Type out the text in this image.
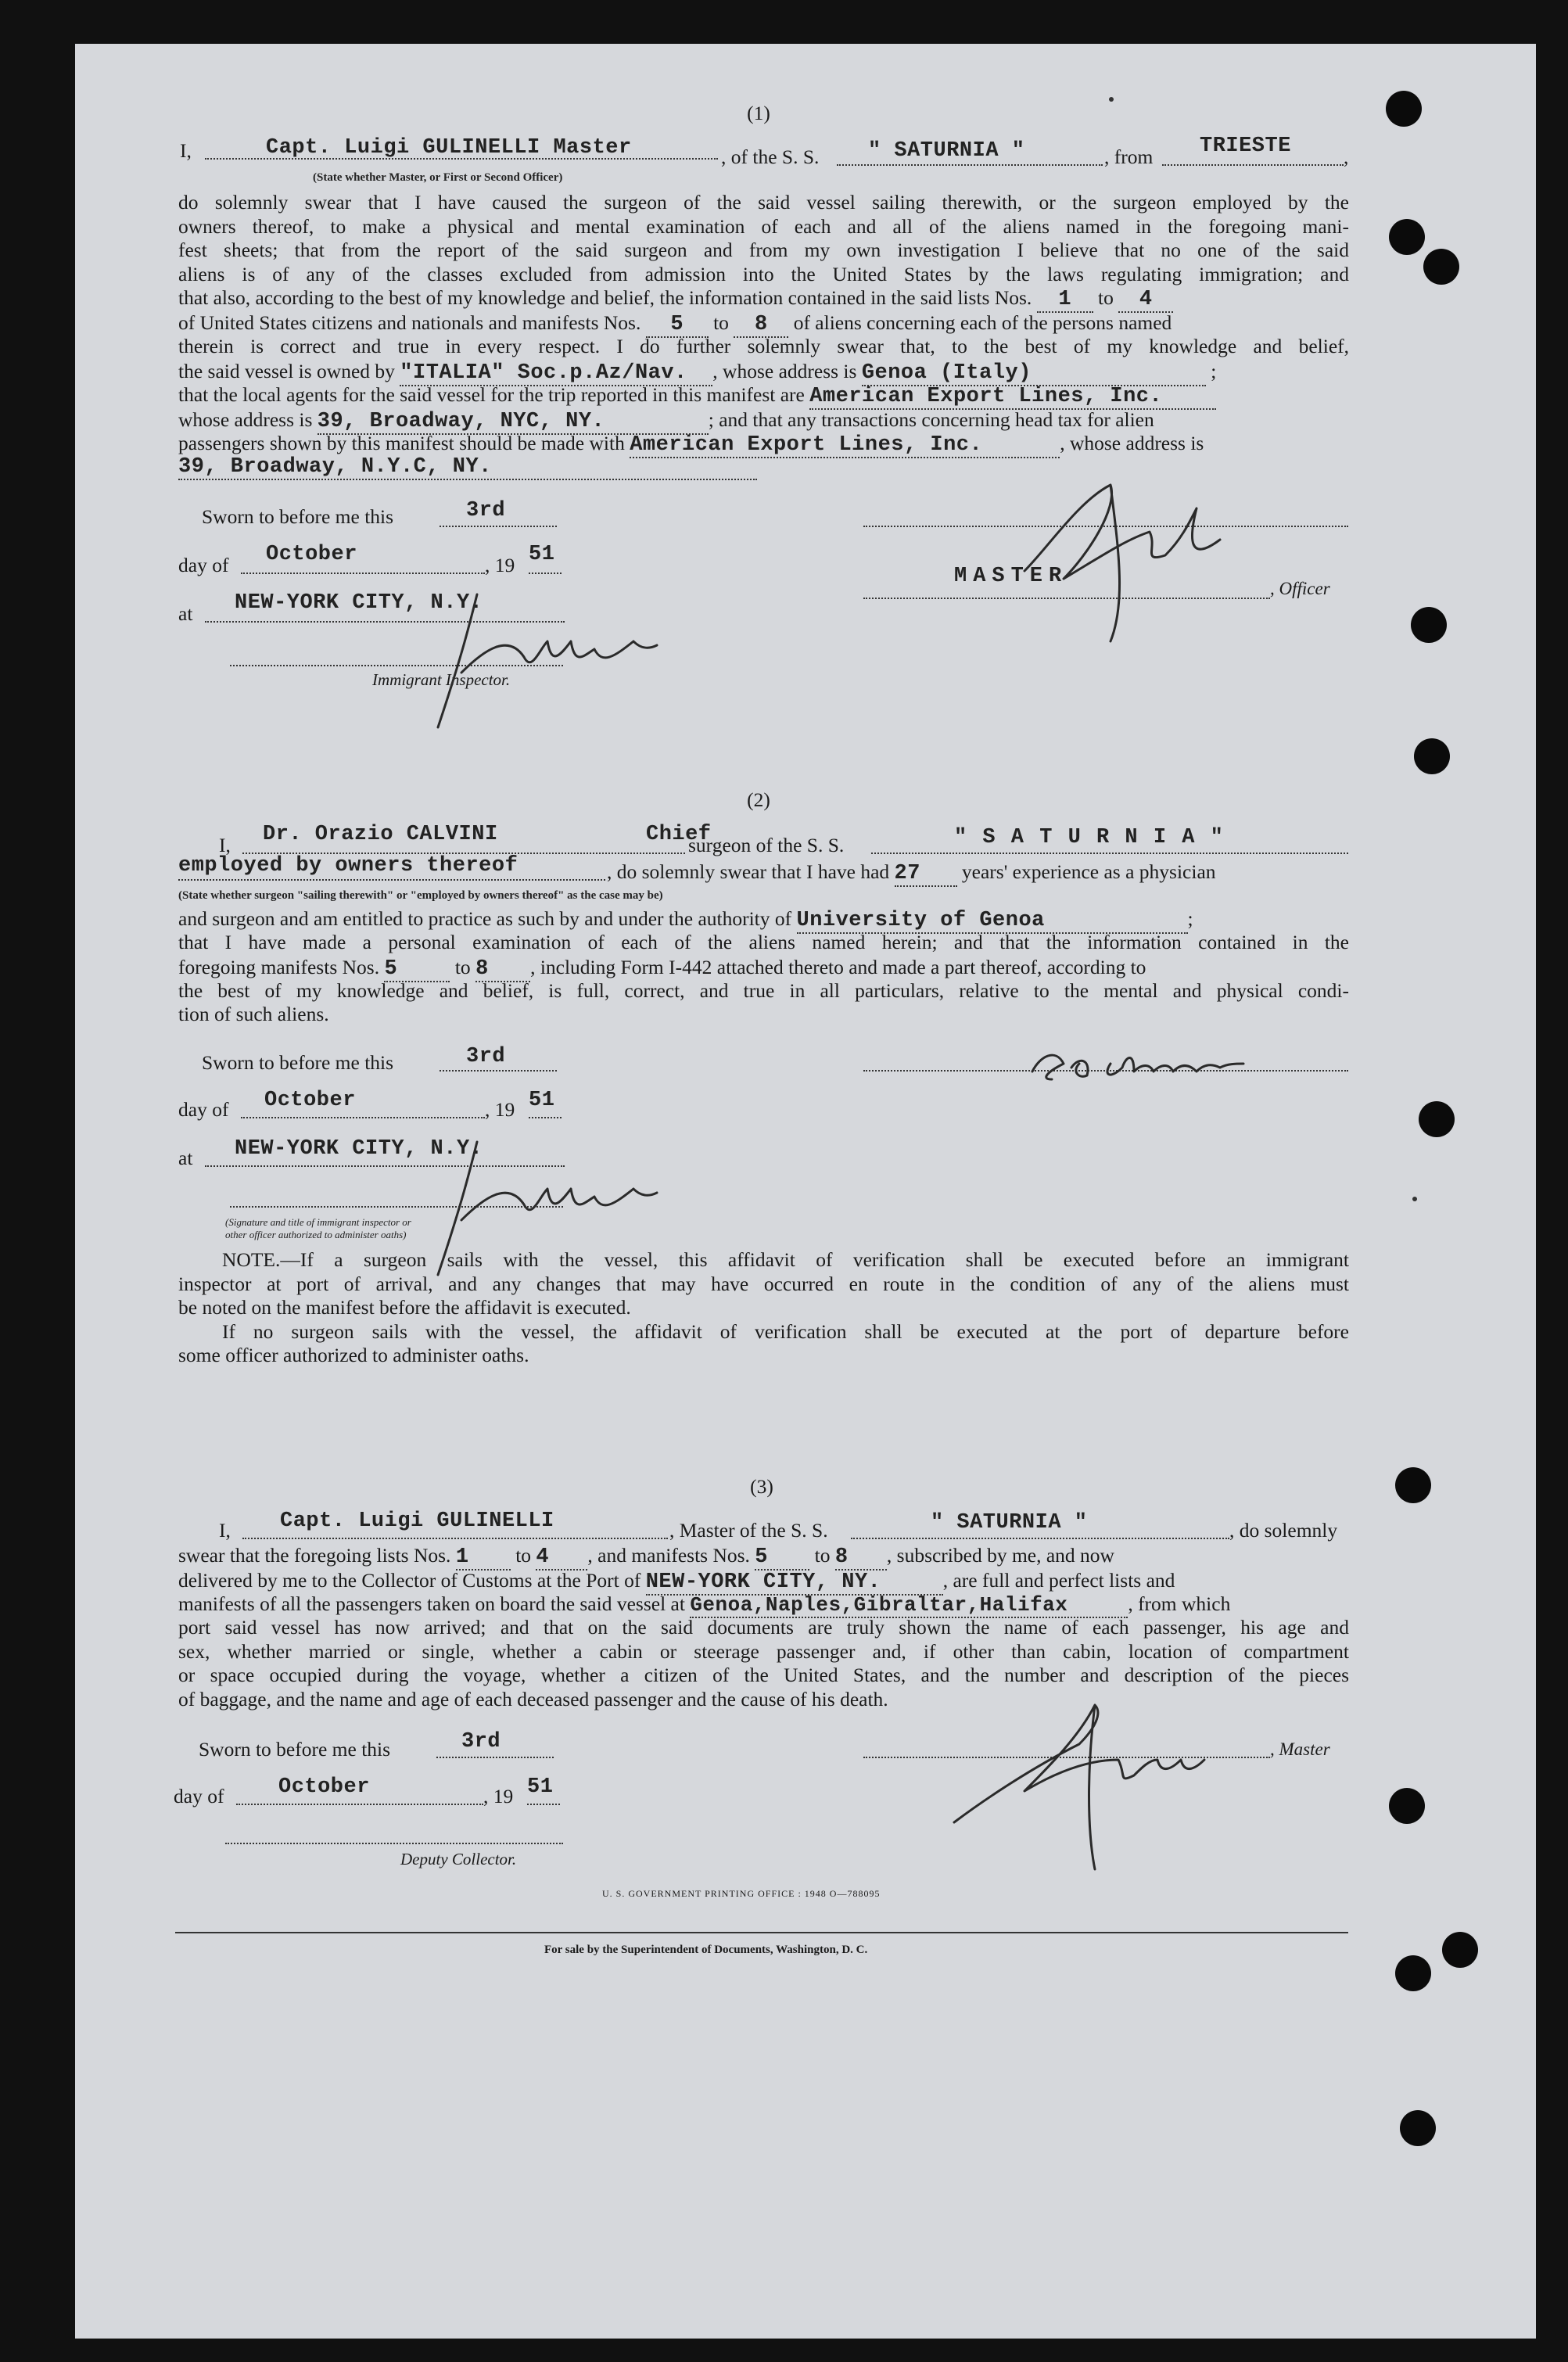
(1)
I,	Capt. Luigi GULINELLI Master
(State whether Master, or First or Second Officer)
, of the S. S. " SATURNIA "	, from TRIESTE	,
do solemnly swear that I have caused the surgeon of the said vessel sailing therewith, or the surgeon employed by the
owners thereof, to make a physical and mental examination of each and all of the aliens named in the foregoing mani-
fest sheets; that from the report of the said surgeon and from my own investigation I believe that no one of the said
aliens is of any of the classes excluded from admission into the United States by the laws regulating immigration; and
that also, according to the best of my knowledge and belief, the information contained in the said lists Nos. 1 to 4
of United States citizens and nationals and manifests Nos. 5 to 8 of aliens concerning each of the persons named
therein is correct and true in every respect. I do further solemnly swear that, to the best of my knowledge and belief,
the said vessel is owned by "ITALIA" Soc.p.Az/Nav. , whose address is Genoa (Italy)	;
that the local agents for the said vessel for the trip reported in this manifest are American Export Lines, Inc.
whose address is 39, Broadway, NYC, NY.	; and that any transactions concerning head tax for alien
passengers shown by this manifest should be made with American Export Lines, Inc.	, whose address is
39, Broadway, N.Y.C, NY.
Sworn to before me this	3rd
day of October	, 19 51
at NEW-YORK CITY, N.Y.
Immigrant Inspector.
MASTER
, Officer
(2)
I, Dr. Orazio CALVINI	Chief
surgeon of the S. S.	" S A T U R N I A "
employed by owners thereof	, do solemnly swear that I have had 27 years' experience as a physician
(State whether surgeon "sailing therewith" or "employed by owners thereof" as the case may be)
and surgeon and am entitled to practice as such by and under the authority of University of Genoa	;
that I have made a personal examination of each of the aliens named herein; and that the information contained in the
foregoing manifests Nos. 5	to 8 , including Form I-442 attached thereto and made a part thereof, according to
the best of my knowledge and belief, is full, correct, and true in all particulars, relative to the mental and physical condi-
tion of such aliens.
Sworn to before me this	3rd
day of October	, 19 51
at NEW-YORK CITY, N.Y.
(Signature and title of immigrant inspector or
other officer authorized to administer oaths)
NOTE.—If a surgeon sails with the vessel, this affidavit of verification shall be executed before an immigrant
inspector at port of arrival, and any changes that may have occurred en route in the condition of any of the aliens must
be noted on the manifest before the affidavit is executed.
If no surgeon sails with the vessel, the affidavit of verification shall be executed at the port of departure before
some officer authorized to administer oaths.
(3)
I, Capt. Luigi GULINELLI	, Master of the S. S.	" SATURNIA "	, do solemnly
swear that the foregoing lists Nos. 1 to 4 , and manifests Nos. 5 to 8 , subscribed by me, and now
delivered by me to the Collector of Customs at the Port of NEW-YORK CITY, NY.	, are full and perfect lists and
manifests of all the passengers taken on board the said vessel at Genoa,Naples,Gibraltar,Halifax	, from which
port said vessel has now arrived; and that on the said documents are truly shown the name of each passenger, his age and
sex, whether married or single, whether a cabin or steerage passenger and, if other than cabin, location of compartment
or space occupied during the voyage, whether a citizen of the United States, and the number and description of the pieces
of baggage, and the name and age of each deceased passenger and the cause of his death.
Sworn to before me this	3rd
day of	October	, 19 51
Deputy Collector.
, Master
U. S. GOVERNMENT PRINTING OFFICE : 1948 O—788095
For sale by the Superintendent of Documents, Washington, D. C.
